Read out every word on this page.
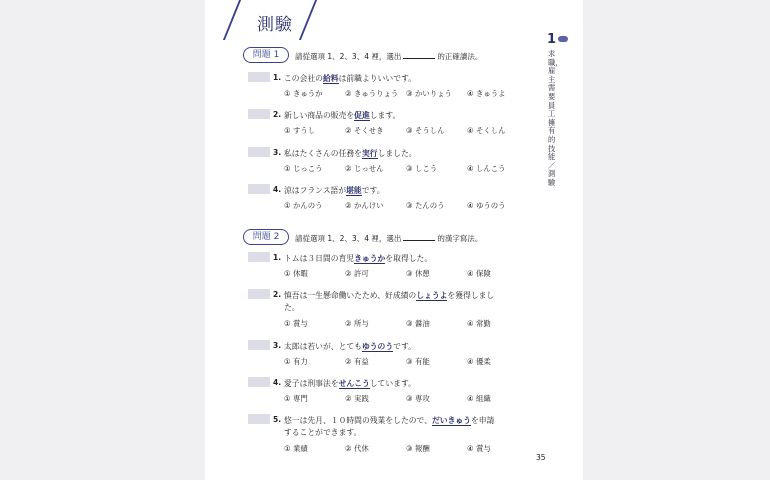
測驗
1
求職，雇主需要員工擁有的技能／測驗
問題 1	請從選項 1、2、3、4 裡，選出	的正確讀法。
1. この会社の給料は前職よりいいです。
① きゅうか	② きゅうりょう ③ かいりょう ④ きゅうよ
2. 新しい商品の販売を促進します。
① すうし	② そくせき	③ そうしん	④ そくしん
3. 私はたくさんの任務を実行しました。
① じっこう	② じっせん	③ しこう	④ しんこう
4. 涼はフランス語が堪能です。
① かんのう	② かんけい	③ たんのう	④ ゆうのう
問題 2	請從選項 1、2、3、4 裡，選出	的漢字寫法。
1. トムは３日間の育児きゅうかを取得した。
① 休暇	② 許可	③ 休憩	④ 保険
2. 慎吾は一生懸命働いたため、好成績のしょうよを獲得しまし
た。
① 賞与	② 所与	③ 醤油	④ 常勤
3. 太郎は若いが、とてもゆうのうです。
① 有力	② 有益	③ 有能	④ 優柔
4. 愛子は刑事法をせんこうしています。
① 専門	② 実践	③ 専攻	④ 組織
5. 悠一は先月、１０時間の残業をしたので、だいきゅうを申請
することができます。
① 業績	② 代休	③ 報酬	④ 賞与
35
